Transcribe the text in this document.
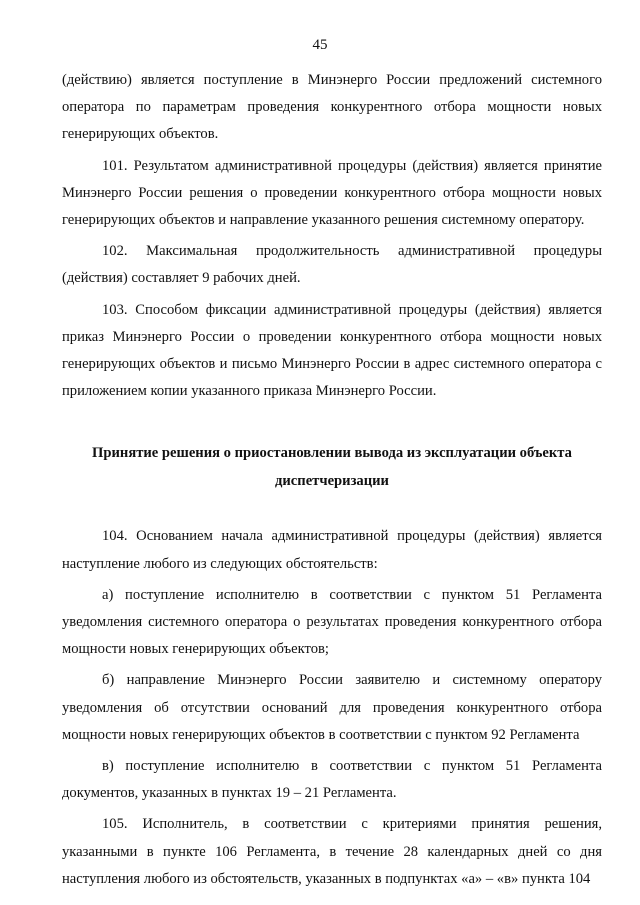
45

(действию) является поступление в Минэнерго России предложений системного оператора по параметрам проведения конкурентного отбора мощности новых генерирующих объектов.

101. Результатом административной процедуры (действия) является принятие Минэнерго России решения о проведении конкурентного отбора мощности новых генерирующих объектов и направление указанного решения системному оператору.

102. Максимальная продолжительность административной процедуры (действия) составляет 9 рабочих дней.

103. Способом фиксации административной процедуры (действия) является приказ Минэнерго России о проведении конкурентного отбора мощности новых генерирующих объектов и письмо Минэнерго России в адрес системного оператора с приложением копии указанного приказа Минэнерго России.

Принятие решения о приостановлении вывода из эксплуатации объекта
диспетчеризации

104. Основанием начала административной процедуры (действия) является наступление любого из следующих обстоятельств:

а) поступление исполнителю в соответствии с пунктом 51 Регламента уведомления системного оператора о результатах проведения конкурентного отбора мощности новых генерирующих объектов;

б) направление Минэнерго России заявителю и системному оператору уведомления об отсутствии оснований для проведения конкурентного отбора мощности новых генерирующих объектов в соответствии с пунктом 92 Регламента

в) поступление исполнителю в соответствии с пунктом 51 Регламента документов, указанных в пунктах 19 – 21 Регламента.

105. Исполнитель, в соответствии с критериями принятия решения, указанными в пункте 106 Регламента, в течение 28 календарных дней со дня наступления любого из обстоятельств, указанных в подпунктах «а» – «в» пункта 104
